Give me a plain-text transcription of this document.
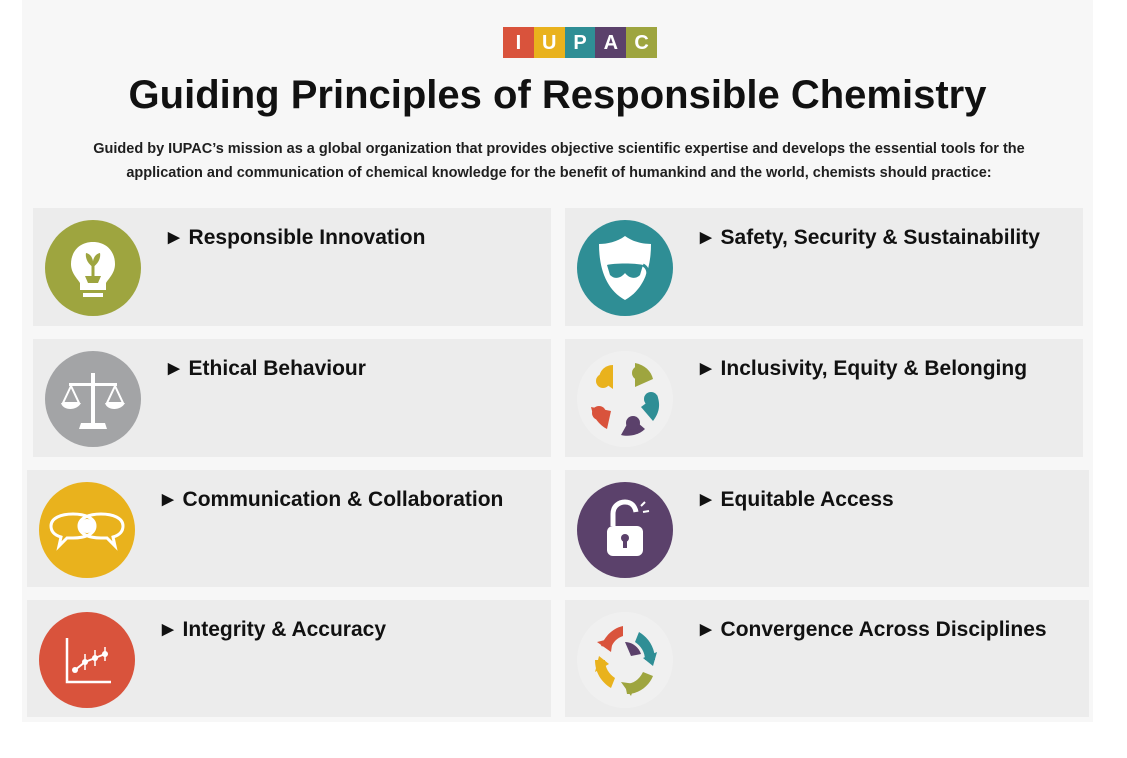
I	U P A C
Guiding Principles of Responsible Chemistry
Guided by IUPAC’s mission as a global organization that provides objective scientific expertise and develops the essential tools for the application and communication of chemical knowledge for the benefit of humankind and the world, chemists should practice:
▶ Responsible Innovation	▶ Safety, Security & Sustainability
▶ Ethical Behaviour	▶ Inclusivity, Equity & Belonging
▶ Communication & Collaboration	▶ Equitable Access
▶ Integrity & Accuracy	▶ Convergence Across Disciplines
